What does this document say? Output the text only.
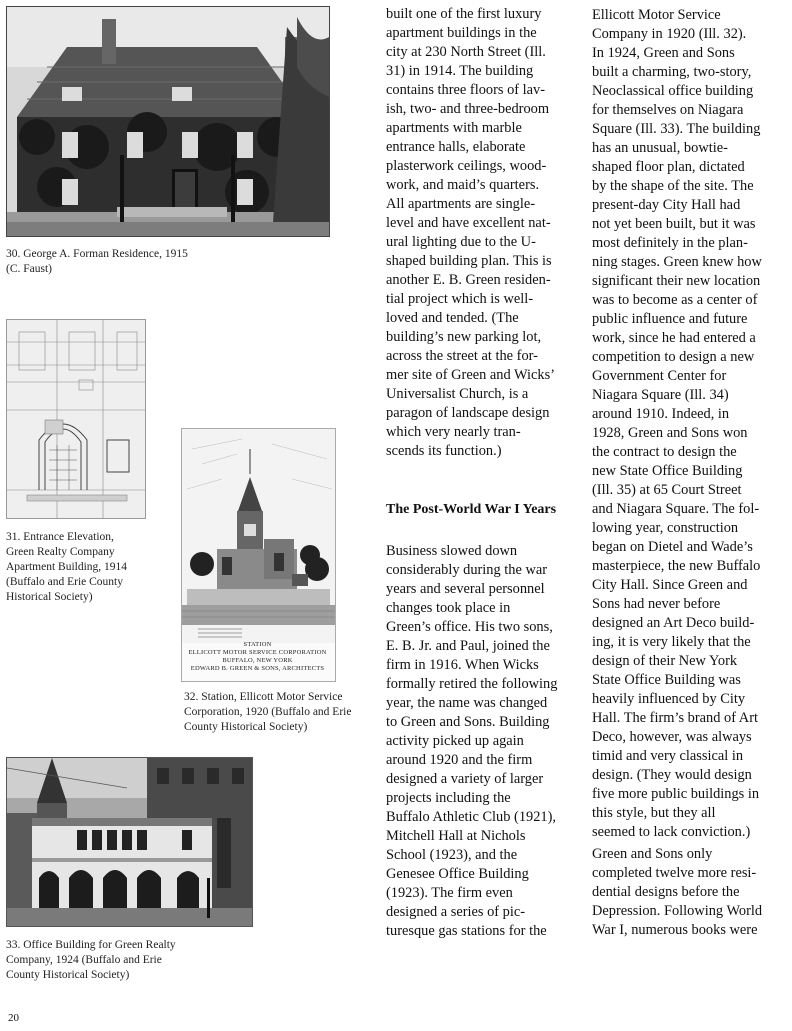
30. George A. Forman Residence, 1915
(C. Faust)
31. Entrance Elevation,
Green Realty Company
Apartment Building, 1914
(Buffalo and Erie County
Historical Society)
STATION
ELLICOTT MOTOR SERVICE CORPORATION
BUFFALO, NEW YORK
EDWARD B. GREEN & SONS, ARCHITECTS
32. Station, Ellicott Motor Service
Corporation, 1920 (Buffalo and Erie
County Historical Society)
33. Office Building for Green Realty
Company, 1924 (Buffalo and Erie
County Historical Society)
built one of the first luxury
apartment buildings in the
city at 230 North Street (Ill.
31) in 1914. The building
contains three floors of lav-
ish, two- and three-bedroom
apartments with marble
entrance halls, elaborate
plasterwork ceilings, wood-
work, and maid’s quarters.
All apartments are single-
level and have excellent nat-
ural lighting due to the U-
shaped building plan. This is
another E. B. Green residen-
tial project which is well-
loved and tended. (The
building’s new parking lot,
across the street at the for-
mer site of Green and Wicks’
Universalist Church, is a
paragon of landscape design
which very nearly tran-
scends its function.)
The Post-World War I Years
Business slowed down
considerably during the war
years and several personnel
changes took place in
Green’s office. His two sons,
E. B. Jr. and Paul, joined the
firm in 1916. When Wicks
formally retired the following
year, the name was changed
to Green and Sons. Building
activity picked up again
around 1920 and the firm
designed a variety of larger
projects including the
Buffalo Athletic Club (1921),
Mitchell Hall at Nichols
School (1923), and the
Genesee Office Building
(1923). The firm even
designed a series of pic-
turesque gas stations for the
Ellicott Motor Service
Company in 1920 (Ill. 32).
In 1924, Green and Sons
built a charming, two-story,
Neoclassical office building
for themselves on Niagara
Square (Ill. 33). The building
has an unusual, bowtie-
shaped floor plan, dictated
by the shape of the site. The
present-day City Hall had
not yet been built, but it was
most definitely in the plan-
ning stages. Green knew how
significant their new location
was to become as a center of
public influence and future
work, since he had entered a
competition to design a new
Government Center for
Niagara Square (Ill. 34)
around 1910. Indeed, in
1928, Green and Sons won
the contract to design the
new State Office Building
(Ill. 35) at 65 Court Street
and Niagara Square. The fol-
lowing year, construction
began on Dietel and Wade’s
masterpiece, the new Buffalo
City Hall. Since Green and
Sons had never before
designed an Art Deco build-
ing, it is very likely that the
design of their New York
State Office Building was
heavily influenced by City
Hall. The firm’s brand of Art
Deco, however, was always
timid and very classical in
design. (They would design
five more public buildings in
this style, but they all
seemed to lack conviction.)
Green and Sons only
completed twelve more resi-
dential designs before the
Depression. Following World
War I, numerous books were
20
